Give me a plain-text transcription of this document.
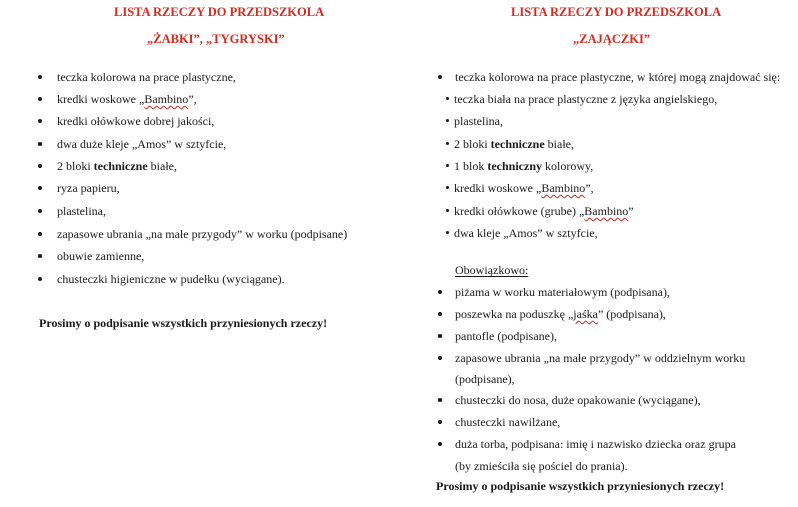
LISTA RZECZY DO PRZEDSZKOLA
„ŻABKI”, „TYGRYSKI”
teczka kolorowa na prace plastyczne,
kredki woskowe „Bambino”,
kredki ołówkowe dobrej jakości,
dwa duże kleje „Amos” w sztyfcie,
2 bloki techniczne białe,
ryza papieru,
plastelina,
zapasowe ubrania „na małe przygody” w worku (podpisane)
obuwie zamienne,
chusteczki higieniczne w pudełku (wyciągane).
Prosimy o podpisanie wszystkich przyniesionych rzeczy!
LISTA RZECZY DO PRZEDSZKOLA
„ZAJĄCZKI”
teczka kolorowa na prace plastyczne, w której mogą znajdować się:
teczka biała na prace plastyczne z języka angielskiego,
plastelina,
2 bloki techniczne białe,
1 blok techniczny kolorowy,
kredki woskowe „Bambino”,
kredki ołówkowe (grube) „Bambino”
dwa kleje „Amos” w sztyfcie,
Obowiązkowo:
piżama w worku materiałowym (podpisana),
poszewka na poduszkę „jaśka” (podpisana),
pantofle (podpisane),
zapasowe ubrania „na małe przygody” w oddzielnym worku
(podpisane),
chusteczki do nosa, duże opakowanie (wyciągane),
chusteczki nawilżane,
duża torba, podpisana: imię i nazwisko dziecka oraz grupa
(by zmieściła się pościel do prania).
Prosimy o podpisanie wszystkich przyniesionych rzeczy!
